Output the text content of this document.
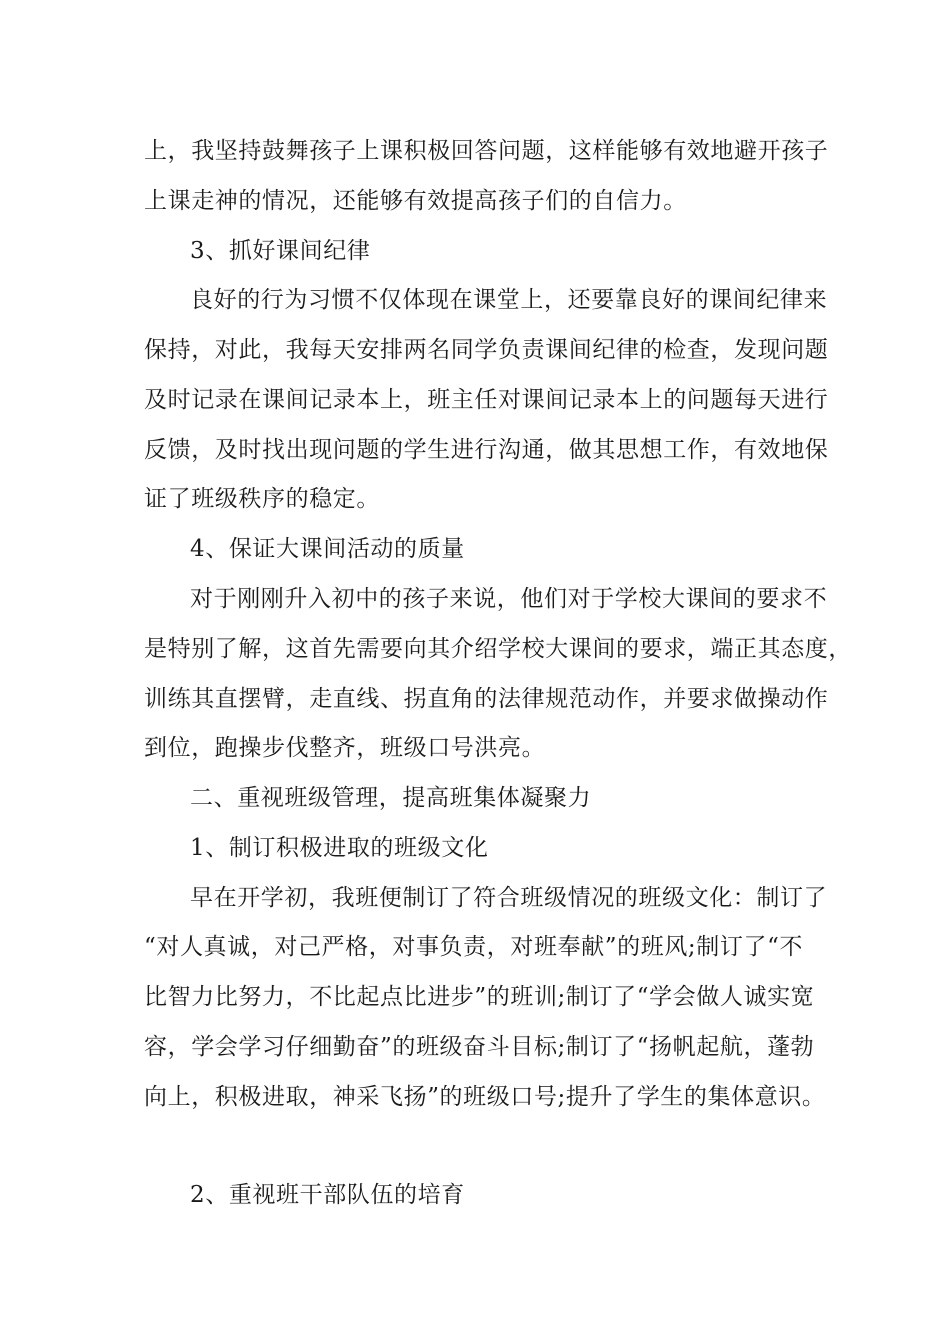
上，我坚持鼓舞孩子上课积极回答问题，这样能够有效地避开孩子
上课走神的情况，还能够有效提高孩子们的自信力。
3、抓好课间纪律
良好的行为习惯不仅体现在课堂上，还要靠良好的课间纪律来
保持，对此，我每天安排两名同学负责课间纪律的检查，发现问题
及时记录在课间记录本上，班主任对课间记录本上的问题每天进行
反馈，及时找出现问题的学生进行沟通，做其思想工作，有效地保
证了班级秩序的稳定。
4、保证大课间活动的质量
对于刚刚升入初中的孩子来说，他们对于学校大课间的要求不
是特别了解，这首先需要向其介绍学校大课间的要求，端正其态度，
训练其直摆臂，走直线、拐直角的法律规范动作，并要求做操动作
到位，跑操步伐整齐，班级口号洪亮。
二、重视班级管理，提高班集体凝聚力
1、制订积极进取的班级文化
早在开学初，我班便制订了符合班级情况的班级文化：制订了
“对人真诚，对己严格，对事负责，对班奉献”的班风;制订了“不
比智力比努力，不比起点比进步”的班训;制订了“学会做人诚实宽
容，学会学习仔细勤奋”的班级奋斗目标;制订了“扬帆起航，蓬勃
向上，积极进取，神采飞扬”的班级口号;提升了学生的集体意识。
2、重视班干部队伍的培育
